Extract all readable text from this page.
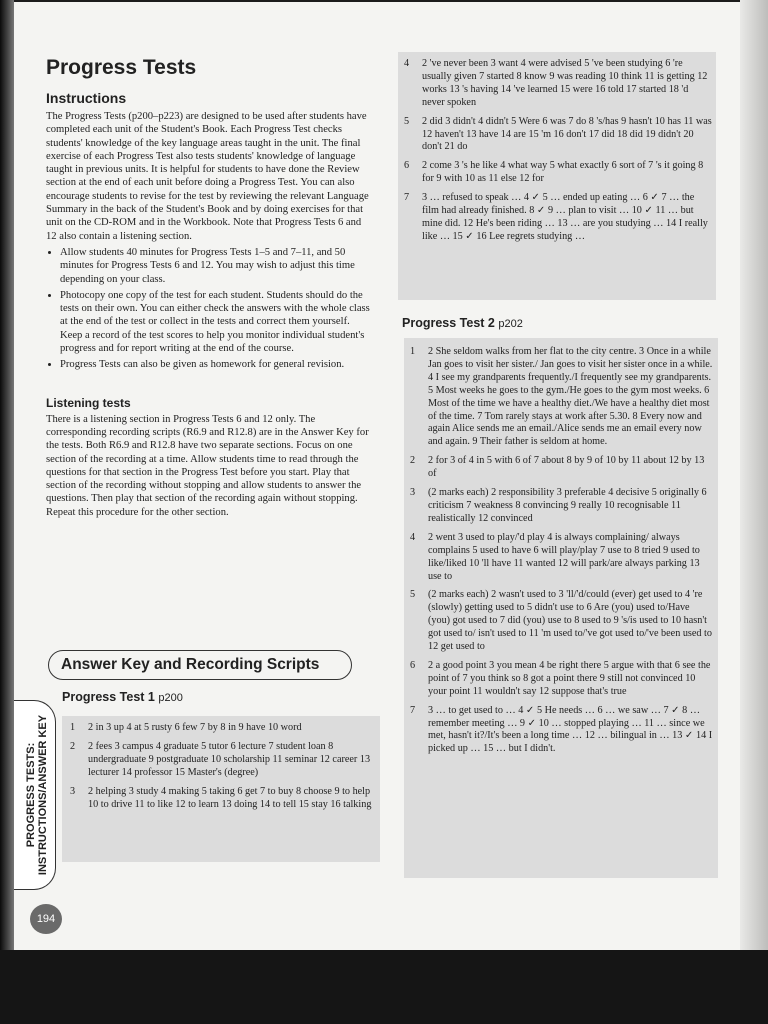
Progress Tests
Instructions

The Progress Tests (p200–p223) are designed to be used after students have completed each unit of the Student's Book. Each Progress Test checks students' knowledge of the key language areas taught in the unit. The final exercise of each Progress Test also tests students' knowledge of language taught in previous units. It is helpful for students to have done the Review section at the end of each unit before doing a Progress Test. You can also encourage students to revise for the test by reviewing the relevant Language Summary in the back of the Student's Book and by doing exercises for that unit on the CD-ROM and in the Workbook. Note that Progress Tests 6 and 12 also contain a listening section.

• Allow students 40 minutes for Progress Tests 1–5 and 7–11, and 50 minutes for Progress Tests 6 and 12. You may wish to adjust this time depending on your class.
• Photocopy one copy of the test for each student. Students should do the tests on their own. You can either check the answers with the whole class at the end of the test or collect in the tests and correct them yourself. Keep a record of the test scores to help you monitor individual student's progress and for report writing at the end of the course.
• Progress Tests can also be given as homework for general revision.
Listening tests

There is a listening section in Progress Tests 6 and 12 only. The corresponding recording scripts (R6.9 and R12.8) are in the Answer Key for the tests. Both R6.9 and R12.8 have two separate sections. Focus on one section of the recording at a time. Allow students time to read through the questions for that section in the Progress Test before you start. Play that section of the recording without stopping and allow students to answer the questions. Then play that section of the recording again without stopping. Repeat this procedure for the other section.

Answer Key and Recording Scripts
Progress Test 1 p200
1	2 in 3 up 4 at 5 rusty 6 few 7 by 8 in 9 have 10 word
2	2 fees 3 campus 4 graduate 5 tutor 6 lecture 7 student loan 8 undergraduate 9 postgraduate 10 scholarship 11 seminar 12 career 13 lecturer 14 professor 15 Master's (degree)
3	2 helping 3 study 4 making 5 taking 6 get 7 to buy 8 choose 9 to help 10 to drive 11 to like 12 to learn 13 doing 14 to tell 15 stay 16 talking
4	2 've never been 3 want 4 were advised 5 've been studying 6 're usually given 7 started 8 know 9 was reading 10 think 11 is getting 12 works 13 's having 14 've learned 15 were 16 told 17 started 18 'd never spoken
5	2 did 3 didn't 4 didn't 5 Were 6 was 7 do 8 's/has 9 hasn't 10 has 11 was 12 haven't 13 have 14 are 15 'm 16 don't 17 did 18 did 19 didn't 20 don't 21 do
6	2 come 3 's he like 4 what way 5 what exactly 6 sort of 7 's it going 8 for 9 with 10 as 11 else 12 for
7	3 … refused to speak … 4 ✓ 5 … ended up eating … 6 ✓ 7 … the film had already finished. 8 ✓ 9 … plan to visit … 10 ✓ 11 … but mine did. 12 He's been riding … 13 … are you studying … 14 I really like … 15 ✓ 16 Lee regrets studying …
Progress Test 2 p202
1	2 She seldom walks from her flat to the city centre. 3 Once in a while Jan goes to visit her sister./ Jan goes to visit her sister once in a while. 4 I see my grandparents frequently./I frequently see my grandparents. 5 Most weeks he goes to the gym./He goes to the gym most weeks. 6 Most of the time we have a healthy diet./We have a healthy diet most of the time. 7 Tom rarely stays at work after 5.30. 8 Every now and again Alice sends me an email./Alice sends me an email every now and again. 9 Their father is seldom at home.
2	2 for 3 of 4 in 5 with 6 of 7 about 8 by 9 of 10 by 11 about 12 by 13 of
3	(2 marks each) 2 responsibility 3 preferable 4 decisive 5 originally 6 criticism 7 weakness 8 convincing 9 really 10 recognisable 11 realistically 12 convinced
4	2 went 3 used to play/'d play 4 is always complaining/ always complains 5 used to have 6 will play/play 7 use to 8 tried 9 used to like/liked 10 'll have 11 wanted 12 will park/are always parking 13 use to
5	(2 marks each) 2 wasn't used to 3 'll/'d/could (ever) get used to 4 're (slowly) getting used to 5 didn't use to 6 Are (you) used to/Have (you) got used to 7 did (you) use to 8 used to 9 's/is used to 10 hasn't got used to/ isn't used to 11 'm used to/'ve got used to/'ve been used to 12 get used to
6	2 a good point 3 you mean 4 be right there 5 argue with that 6 see the point of 7 you think so 8 got a point there 9 still not convinced 10 your point 11 wouldn't say 12 suppose that's true
7	3 … to get used to … 4 ✓ 5 He needs … 6 … we saw … 7 ✓ 8 … remember meeting … 9 ✓ 10 … stopped playing … 11 … since we met, hasn't it?/It's been a long time … 12 … bilingual in … 13 ✓ 14 I picked up … 15 … but I didn't.
PROGRESS TESTS: INSTRUCTIONS/ANSWER KEY
194
